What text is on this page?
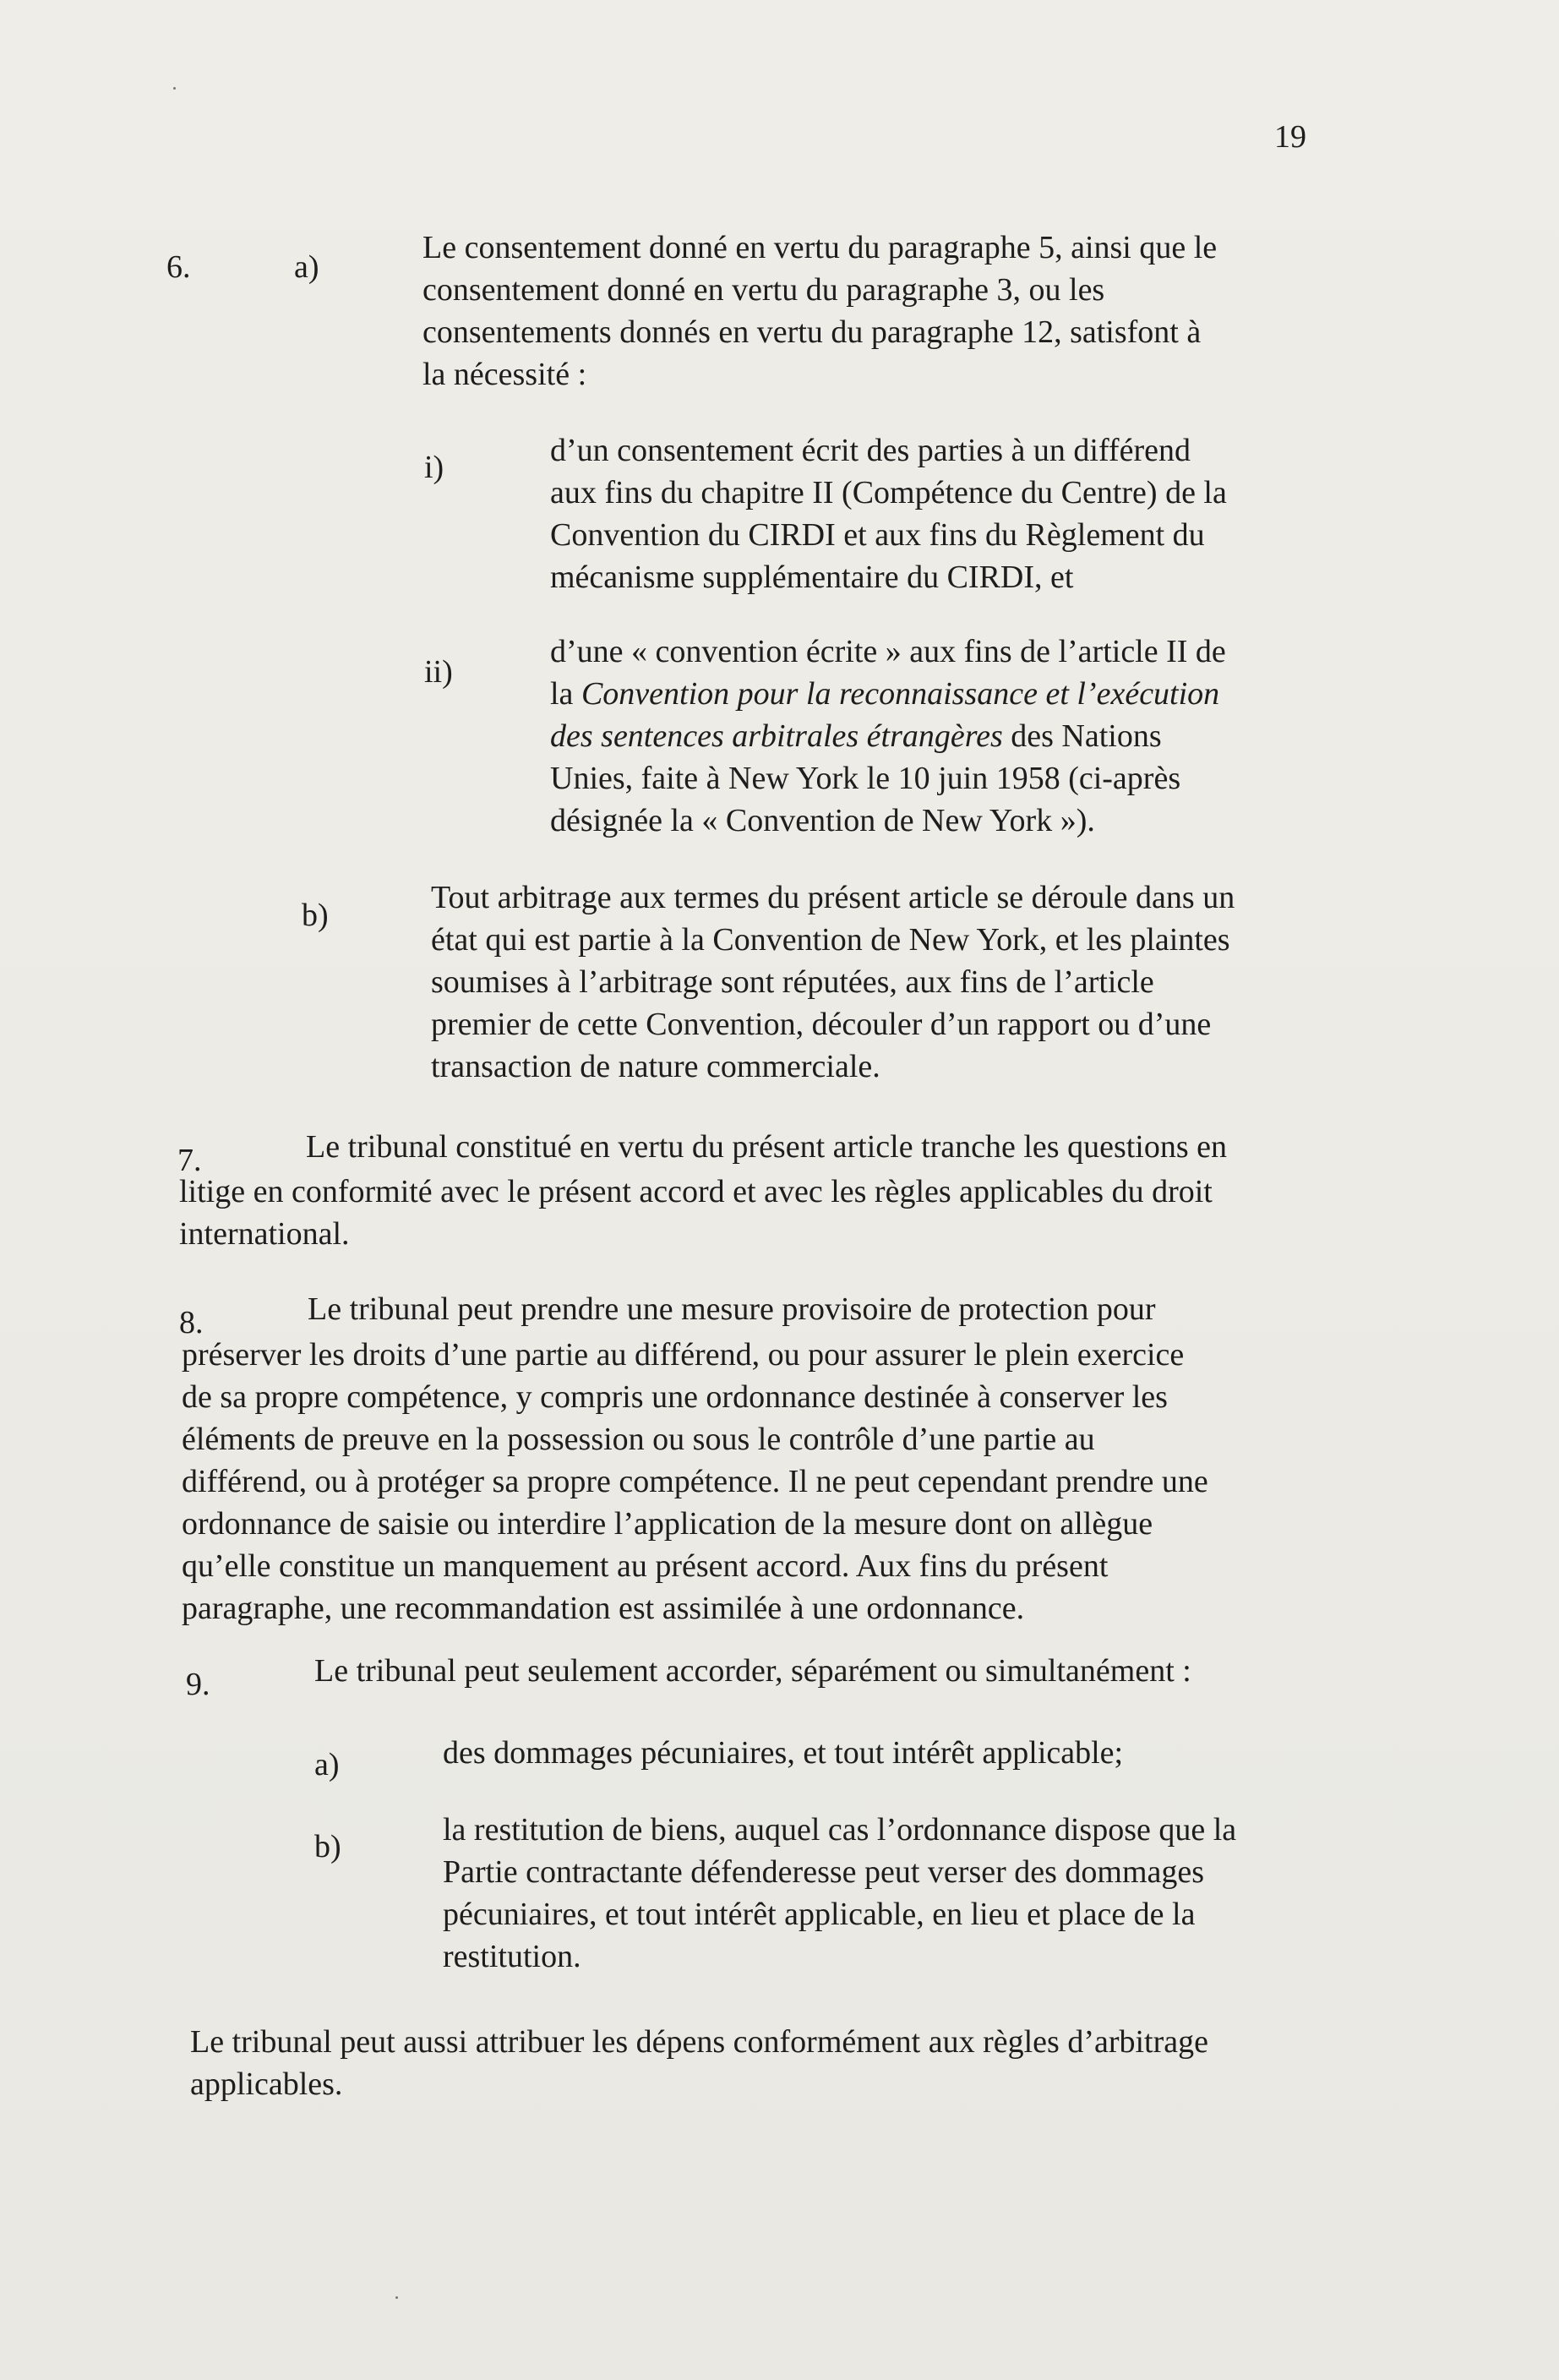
19
6.	a)
Le consentement donné en vertu du paragraphe 5, ainsi que le
consentement donné en vertu du paragraphe 3, ou les
consentements donnés en vertu du paragraphe 12, satisfont à
la nécessité :
i)	d’un consentement écrit des parties à un différend
aux fins du chapitre II (Compétence du Centre) de la
Convention du CIRDI et aux fins du Règlement du
mécanisme supplémentaire du CIRDI, et
ii)
d’une « convention écrite » aux fins de l’article II de
la Convention pour la reconnaissance et l’exécution
des sentences arbitrales étrangères des Nations
Unies, faite à New York le 10 juin 1958 (ci-après
désignée la « Convention de New York »).
b)	Tout arbitrage aux termes du présent article se déroule dans un
état qui est partie à la Convention de New York, et les plaintes
soumises à l’arbitrage sont réputées, aux fins de l’article
premier de cette Convention, découler d’un rapport ou d’une
transaction de nature commerciale.
7.	Le tribunal constitué en vertu du présent article tranche les questions en
litige en conformité avec le présent accord et avec les règles applicables du droit
international.
8.	Le tribunal peut prendre une mesure provisoire de protection pour
préserver les droits d’une partie au différend, ou pour assurer le plein exercice
de sa propre compétence, y compris une ordonnance destinée à conserver les
éléments de preuve en la possession ou sous le contrôle d’une partie au
différend, ou à protéger sa propre compétence. Il ne peut cependant prendre une
ordonnance de saisie ou interdire l’application de la mesure dont on allègue
qu’elle constitue un manquement au présent accord. Aux fins du présent
paragraphe, une recommandation est assimilée à une ordonnance.
9.	Le tribunal peut seulement accorder, séparément ou simultanément :
a)	des dommages pécuniaires, et tout intérêt applicable;
b)	la restitution de biens, auquel cas l’ordonnance dispose que la
Partie contractante défenderesse peut verser des dommages
pécuniaires, et tout intérêt applicable, en lieu et place de la
restitution.
Le tribunal peut aussi attribuer les dépens conformément aux règles d’arbitrage
applicables.
